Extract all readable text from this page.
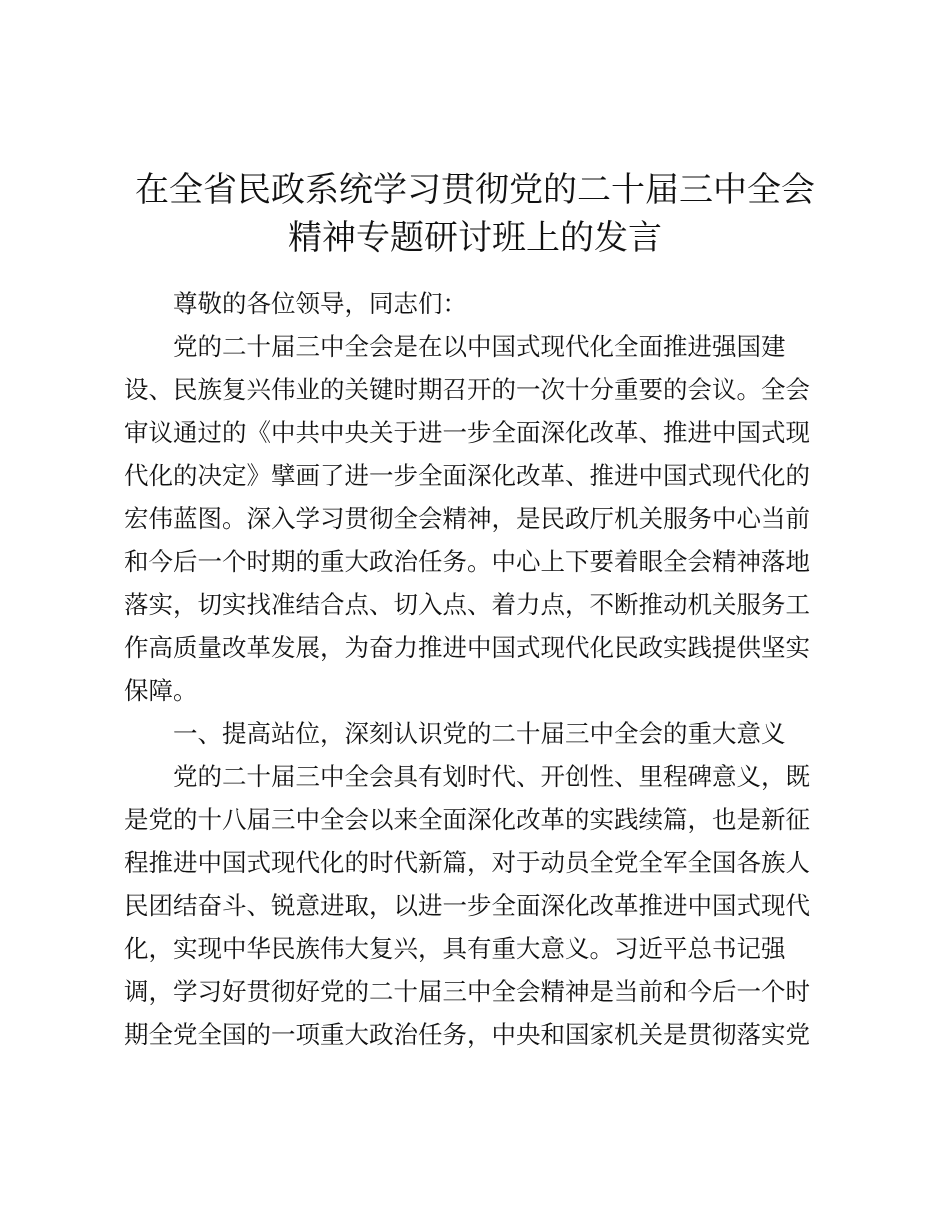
在全省民政系统学习贯彻党的二十届三中全会
精神专题研讨班上的发言
尊敬的各位领导，同志们：
党的二十届三中全会是在以中国式现代化全面推进强国建
设、民族复兴伟业的关键时期召开的一次十分重要的会议。全会
审议通过的《中共中央关于进一步全面深化改革、推进中国式现
代化的决定》擘画了进一步全面深化改革、推进中国式现代化的
宏伟蓝图。深入学习贯彻全会精神，是民政厅机关服务中心当前
和今后一个时期的重大政治任务。中心上下要着眼全会精神落地
落实，切实找准结合点、切入点、着力点，不断推动机关服务工
作高质量改革发展，为奋力推进中国式现代化民政实践提供坚实
保障。
一、提高站位，深刻认识党的二十届三中全会的重大意义
党的二十届三中全会具有划时代、开创性、里程碑意义，既
是党的十八届三中全会以来全面深化改革的实践续篇，也是新征
程推进中国式现代化的时代新篇，对于动员全党全军全国各族人
民团结奋斗、锐意进取，以进一步全面深化改革推进中国式现代
化，实现中华民族伟大复兴，具有重大意义。习近平总书记强
调，学习好贯彻好党的二十届三中全会精神是当前和今后一个时
期全党全国的一项重大政治任务，中央和国家机关是贯彻落实党
